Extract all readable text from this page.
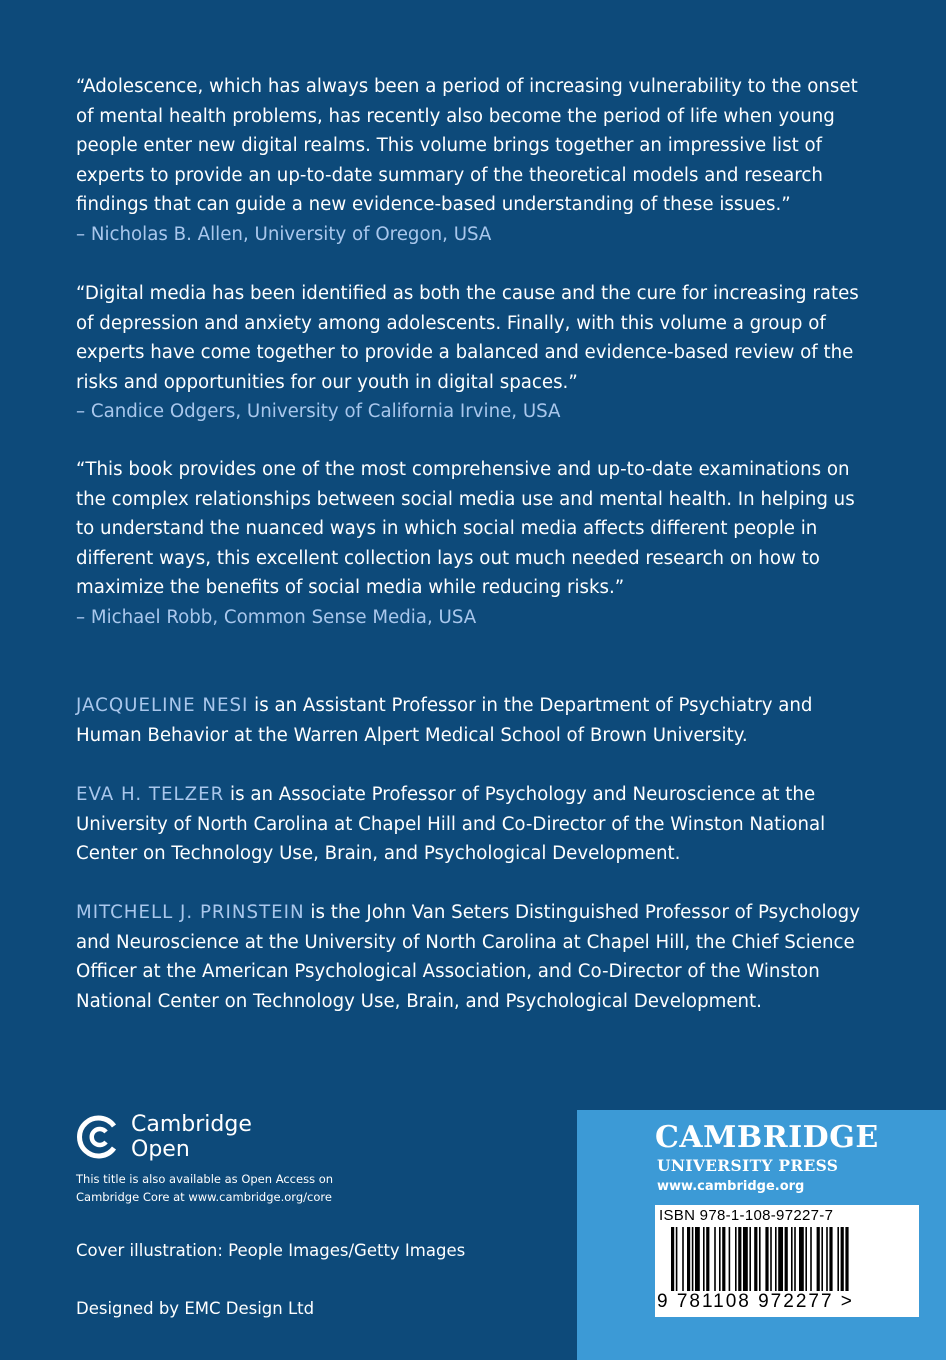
“Adolescence, which has always been a period of increasing vulnerability to the onset of mental health problems, has recently also become the period of life when young people enter new digital realms. This volume brings together an impressive list of experts to provide an up-to-date summary of the theoretical models and research findings that can guide a new evidence-based understanding of these issues.”
– Nicholas B. Allen, University of Oregon, USA
“Digital media has been identified as both the cause and the cure for increasing rates of depression and anxiety among adolescents. Finally, with this volume a group of experts have come together to provide a balanced and evidence-based review of the risks and opportunities for our youth in digital spaces.”
– Candice Odgers, University of California Irvine, USA
“This book provides one of the most comprehensive and up-to-date examinations on the complex relationships between social media use and mental health. In helping us to understand the nuanced ways in which social media affects different people in different ways, this excellent collection lays out much needed research on how to maximize the benefits of social media while reducing risks.”
– Michael Robb, Common Sense Media, USA
JACQUELINE NESI is an Assistant Professor in the Department of Psychiatry and Human Behavior at the Warren Alpert Medical School of Brown University.
EVA H. TELZER is an Associate Professor of Psychology and Neuroscience at the University of North Carolina at Chapel Hill and Co-Director of the Winston National Center on Technology Use, Brain, and Psychological Development.
MITCHELL J. PRINSTEIN is the John Van Seters Distinguished Professor of Psychology and Neuroscience at the University of North Carolina at Chapel Hill, the Chief Science Officer at the American Psychological Association, and Co-Director of the Winston National Center on Technology Use, Brain, and Psychological Development.
Cambridge
Open
This title is also available as Open Access on
Cambridge Core at www.cambridge.org/core
Cover illustration: People Images/Getty Images
Designed by EMC Design Ltd
CAMBRIDGE
UNIVERSITY PRESS
www.cambridge.org
ISBN 978-1-108-97227-7
9 781108 972277 >
